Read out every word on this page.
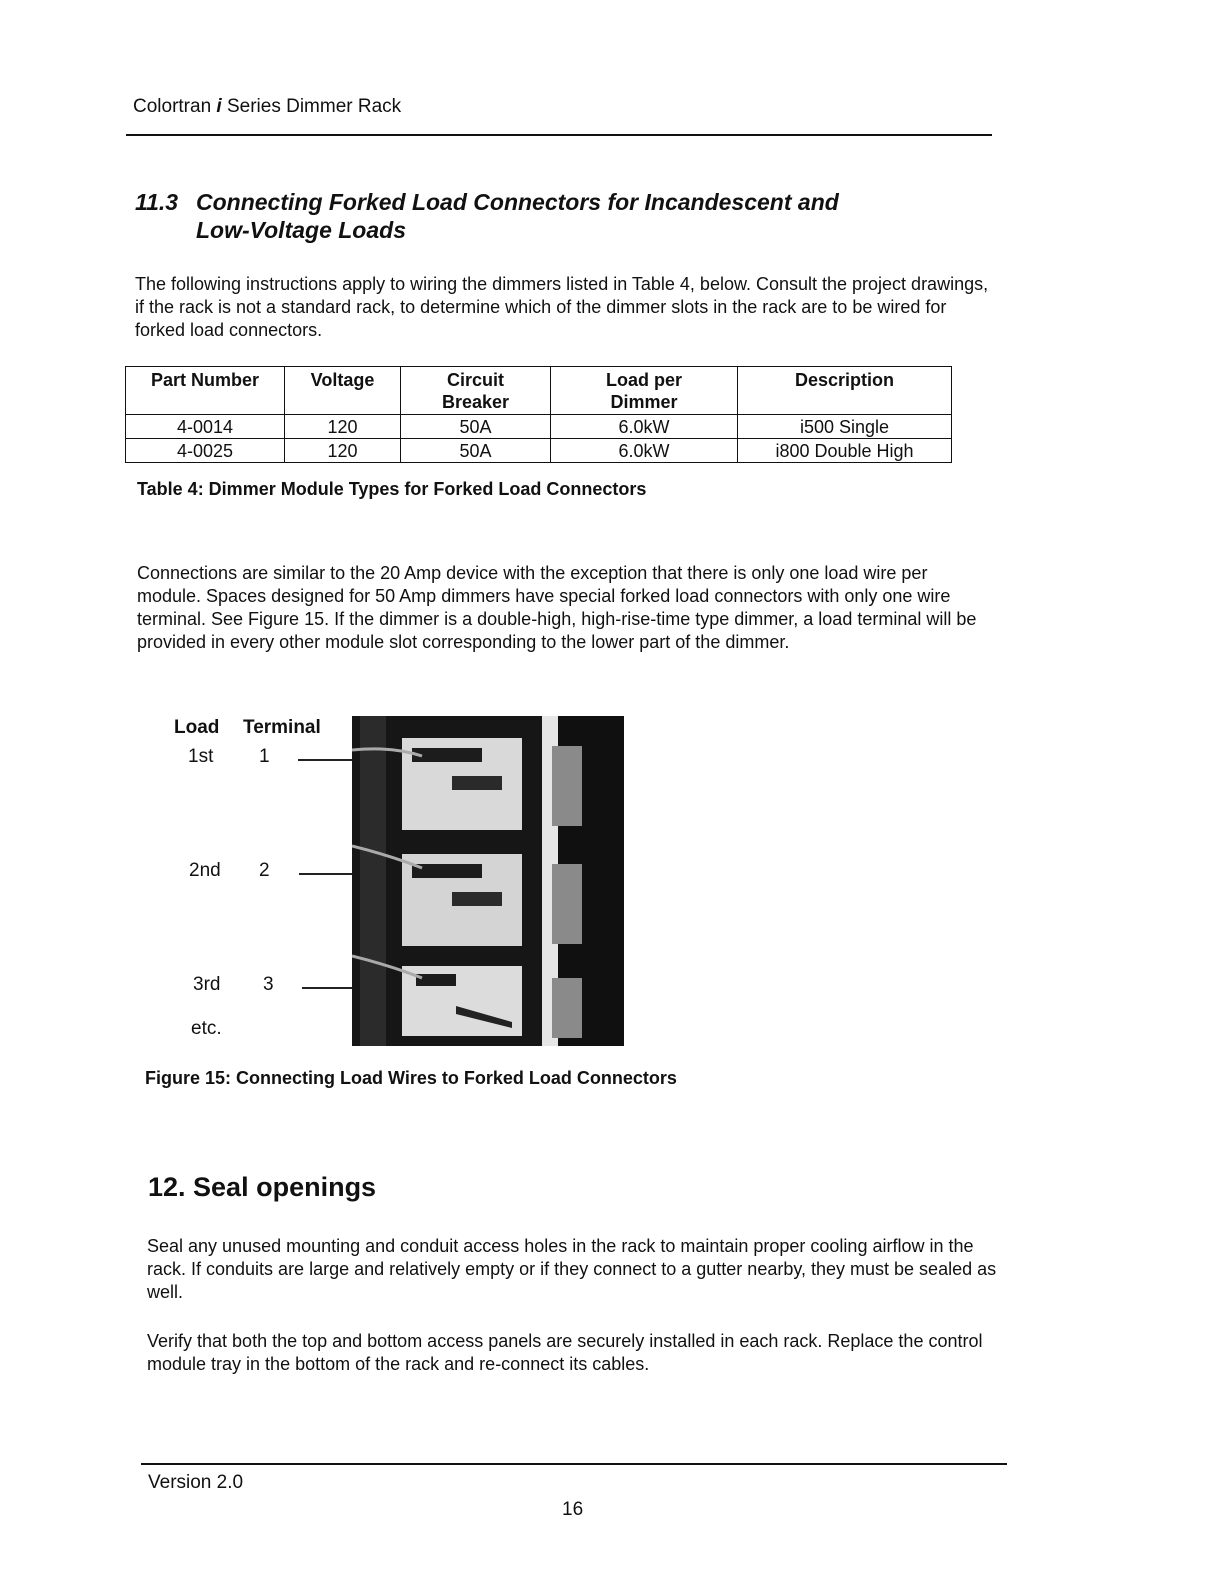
Colortran i Series Dimmer Rack
11.3 Connecting Forked Load Connectors for Incandescent and
Low-Voltage Loads
The following instructions apply to wiring the dimmers listed in Table 4, below. Consult the project drawings, if the rack is not a standard rack, to determine which of the dimmer slots in the rack are to be wired for forked load connectors.
Part Number	Voltage	Circuit Breaker	Load per Dimmer	Description
4-0014	120	50A	6.0kW	i500 Single
4-0025	120	50A	6.0kW	i800 Double High
Table 4: Dimmer Module Types for Forked Load Connectors
Connections are similar to the 20 Amp device with the exception that there is only one load wire per module. Spaces designed for 50 Amp dimmers have special forked load connectors with only one wire terminal. See Figure 15. If the dimmer is a double-high, high-rise-time type dimmer, a load terminal will be provided in every other module slot corresponding to the lower part of the dimmer.
Load Terminal
1st 1
2nd 2
3rd 3
etc.
Figure 15: Connecting Load Wires to Forked Load Connectors
12. Seal openings
Seal any unused mounting and conduit access holes in the rack to maintain proper cooling airflow in the rack. If conduits are large and relatively empty or if they connect to a gutter nearby, they must be sealed as well.
Verify that both the top and bottom access panels are securely installed in each rack. Replace the control module tray in the bottom of the rack and re-connect its cables.
Version 2.0
16
